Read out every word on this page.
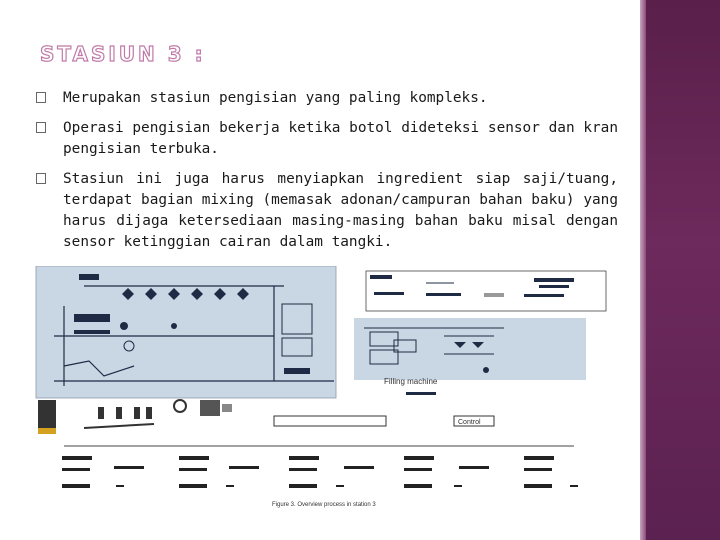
STASIUN 3 :
Merupakan stasiun pengisian yang paling kompleks.
Operasi pengisian bekerja ketika botol dideteksi sensor dan kran pengisian terbuka.
Stasiun ini juga harus menyiapkan ingredient siap saji/tuang, terdapat bagian mixing (memasak adonan/campuran bahan baku) yang harus dijaga ketersediaan masing-masing bahan baku misal dengan sensor ketinggian cairan dalam tangki.
Filling machine
Control
Figure 3. Overview process in station 3
